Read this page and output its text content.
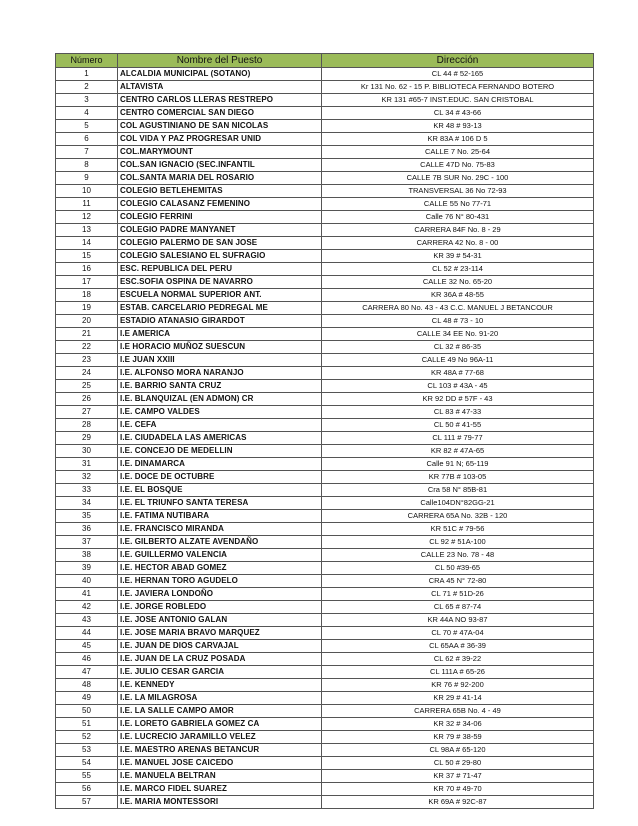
Número	Nombre del Puesto	Dirección
1	ALCALDIA MUNICIPAL (SOTANO)	CL 44 # 52-165
2	ALTAVISTA	Kr 131 No. 62 - 15 P. BIBLIOTECA FERNANDO BOTERO
3	CENTRO CARLOS LLERAS RESTREPO	KR 131 #65-7 INST.EDUC. SAN CRISTOBAL
4	CENTRO COMERCIAL SAN DIEGO	CL 34 # 43-66
5	COL AGUSTINIANO DE SAN NICOLAS	KR 48 # 93-13
6	COL VIDA Y PAZ PROGRESAR UNID	KR 83A # 106 D 5
7	COL.MARYMOUNT	CALLE 7 No. 25-64
8	COL.SAN IGNACIO (SEC.INFANTIL	CALLE 47D No. 75-83
9	COL.SANTA MARIA DEL ROSARIO	CALLE 7B SUR No. 29C - 100
10	COLEGIO BETLEHEMITAS	TRANSVERSAL 36 No 72-93
11	COLEGIO CALASANZ FEMENINO	CALLE 55 No 77-71
12	COLEGIO FERRINI	Calle 76 N° 80-431
13	COLEGIO PADRE MANYANET	CARRERA 84F No. 8 - 29
14	COLEGIO PALERMO DE SAN JOSE	CARRERA 42 No. 8 - 00
15	COLEGIO SALESIANO EL SUFRAGIO	KR 39 # 54-31
16	ESC. REPUBLICA DEL PERU	CL 52 # 23-114
17	ESC.SOFIA OSPINA DE NAVARRO	CALLE 32 No. 65-20
18	ESCUELA NORMAL SUPERIOR ANT.	KR 36A # 48-55
19	ESTAB. CARCELARIO PEDREGAL ME	CARRERA 80 No. 43 - 43 C.C. MANUEL J BETANCOUR
20	ESTADIO ATANASIO GIRARDOT	CL 48 # 73 - 10
21	I.E AMERICA	CALLE 34 EE No. 91-20
22	I.E HORACIO MUÑOZ SUESCUN	CL 32 # 86-35
23	I.E JUAN XXIII	CALLE 49 No 96A-11
24	I.E. ALFONSO MORA NARANJO	KR 48A # 77-68
25	I.E. BARRIO SANTA CRUZ	CL 103 # 43A - 45
26	I.E. BLANQUIZAL (EN ADMON) CR	KR 92 DD # 57F - 43
27	I.E. CAMPO VALDES	CL 83 # 47-33
28	I.E. CEFA	CL 50 # 41-55
29	I.E. CIUDADELA LAS AMERICAS	CL 111 # 79-77
30	I.E. CONCEJO DE MEDELLIN	KR 82 # 47A-65
31	I.E. DINAMARCA	Calle 91 N; 65-119
32	I.E. DOCE DE OCTUBRE	KR 77B # 103-05
33	I.E. EL BOSQUE	Cra 58 N° 85B-81
34	I.E. EL TRIUNFO SANTA TERESA	Calle104DN°82GG-21
35	I.E. FATIMA NUTIBARA	CARRERA 65A No. 32B - 120
36	I.E. FRANCISCO MIRANDA	KR 51C # 79-56
37	I.E. GILBERTO ALZATE AVENDAÑO	CL 92 # 51A-100
38	I.E. GUILLERMO VALENCIA	CALLE 23 No. 78 - 48
39	I.E. HECTOR ABAD GOMEZ	CL 50 #39-65
40	I.E. HERNAN TORO AGUDELO	CRA 45 N° 72-80
41	I.E. JAVIERA LONDOÑO	CL 71 # 51D-26
42	I.E. JORGE ROBLEDO	CL 65 # 87-74
43	I.E. JOSE ANTONIO GALAN	KR 44A NO 93-87
44	I.E. JOSE MARIA BRAVO MARQUEZ	CL 70 # 47A-04
45	I.E. JUAN DE DIOS CARVAJAL	CL 65AA # 36-39
46	I.E. JUAN DE LA CRUZ POSADA	CL 62 # 39-22
47	I.E. JULIO CESAR GARCIA	CL 111A # 65-26
48	I.E. KENNEDY	KR 76 # 92-200
49	I.E. LA MILAGROSA	KR 29 # 41-14
50	I.E. LA SALLE CAMPO AMOR	CARRERA 65B No. 4 - 49
51	I.E. LORETO GABRIELA GOMEZ CA	KR 32 # 34-06
52	I.E. LUCRECIO JARAMILLO VELEZ	KR 79 # 38-59
53	I.E. MAESTRO ARENAS BETANCUR	CL 98A # 65-120
54	I.E. MANUEL JOSE CAICEDO	CL 50 # 29-80
55	I.E. MANUELA BELTRAN	KR 37 # 71-47
56	I.E. MARCO FIDEL SUAREZ	KR 70 # 49-70
57	I.E. MARIA MONTESSORI	KR 69A # 92C-87
